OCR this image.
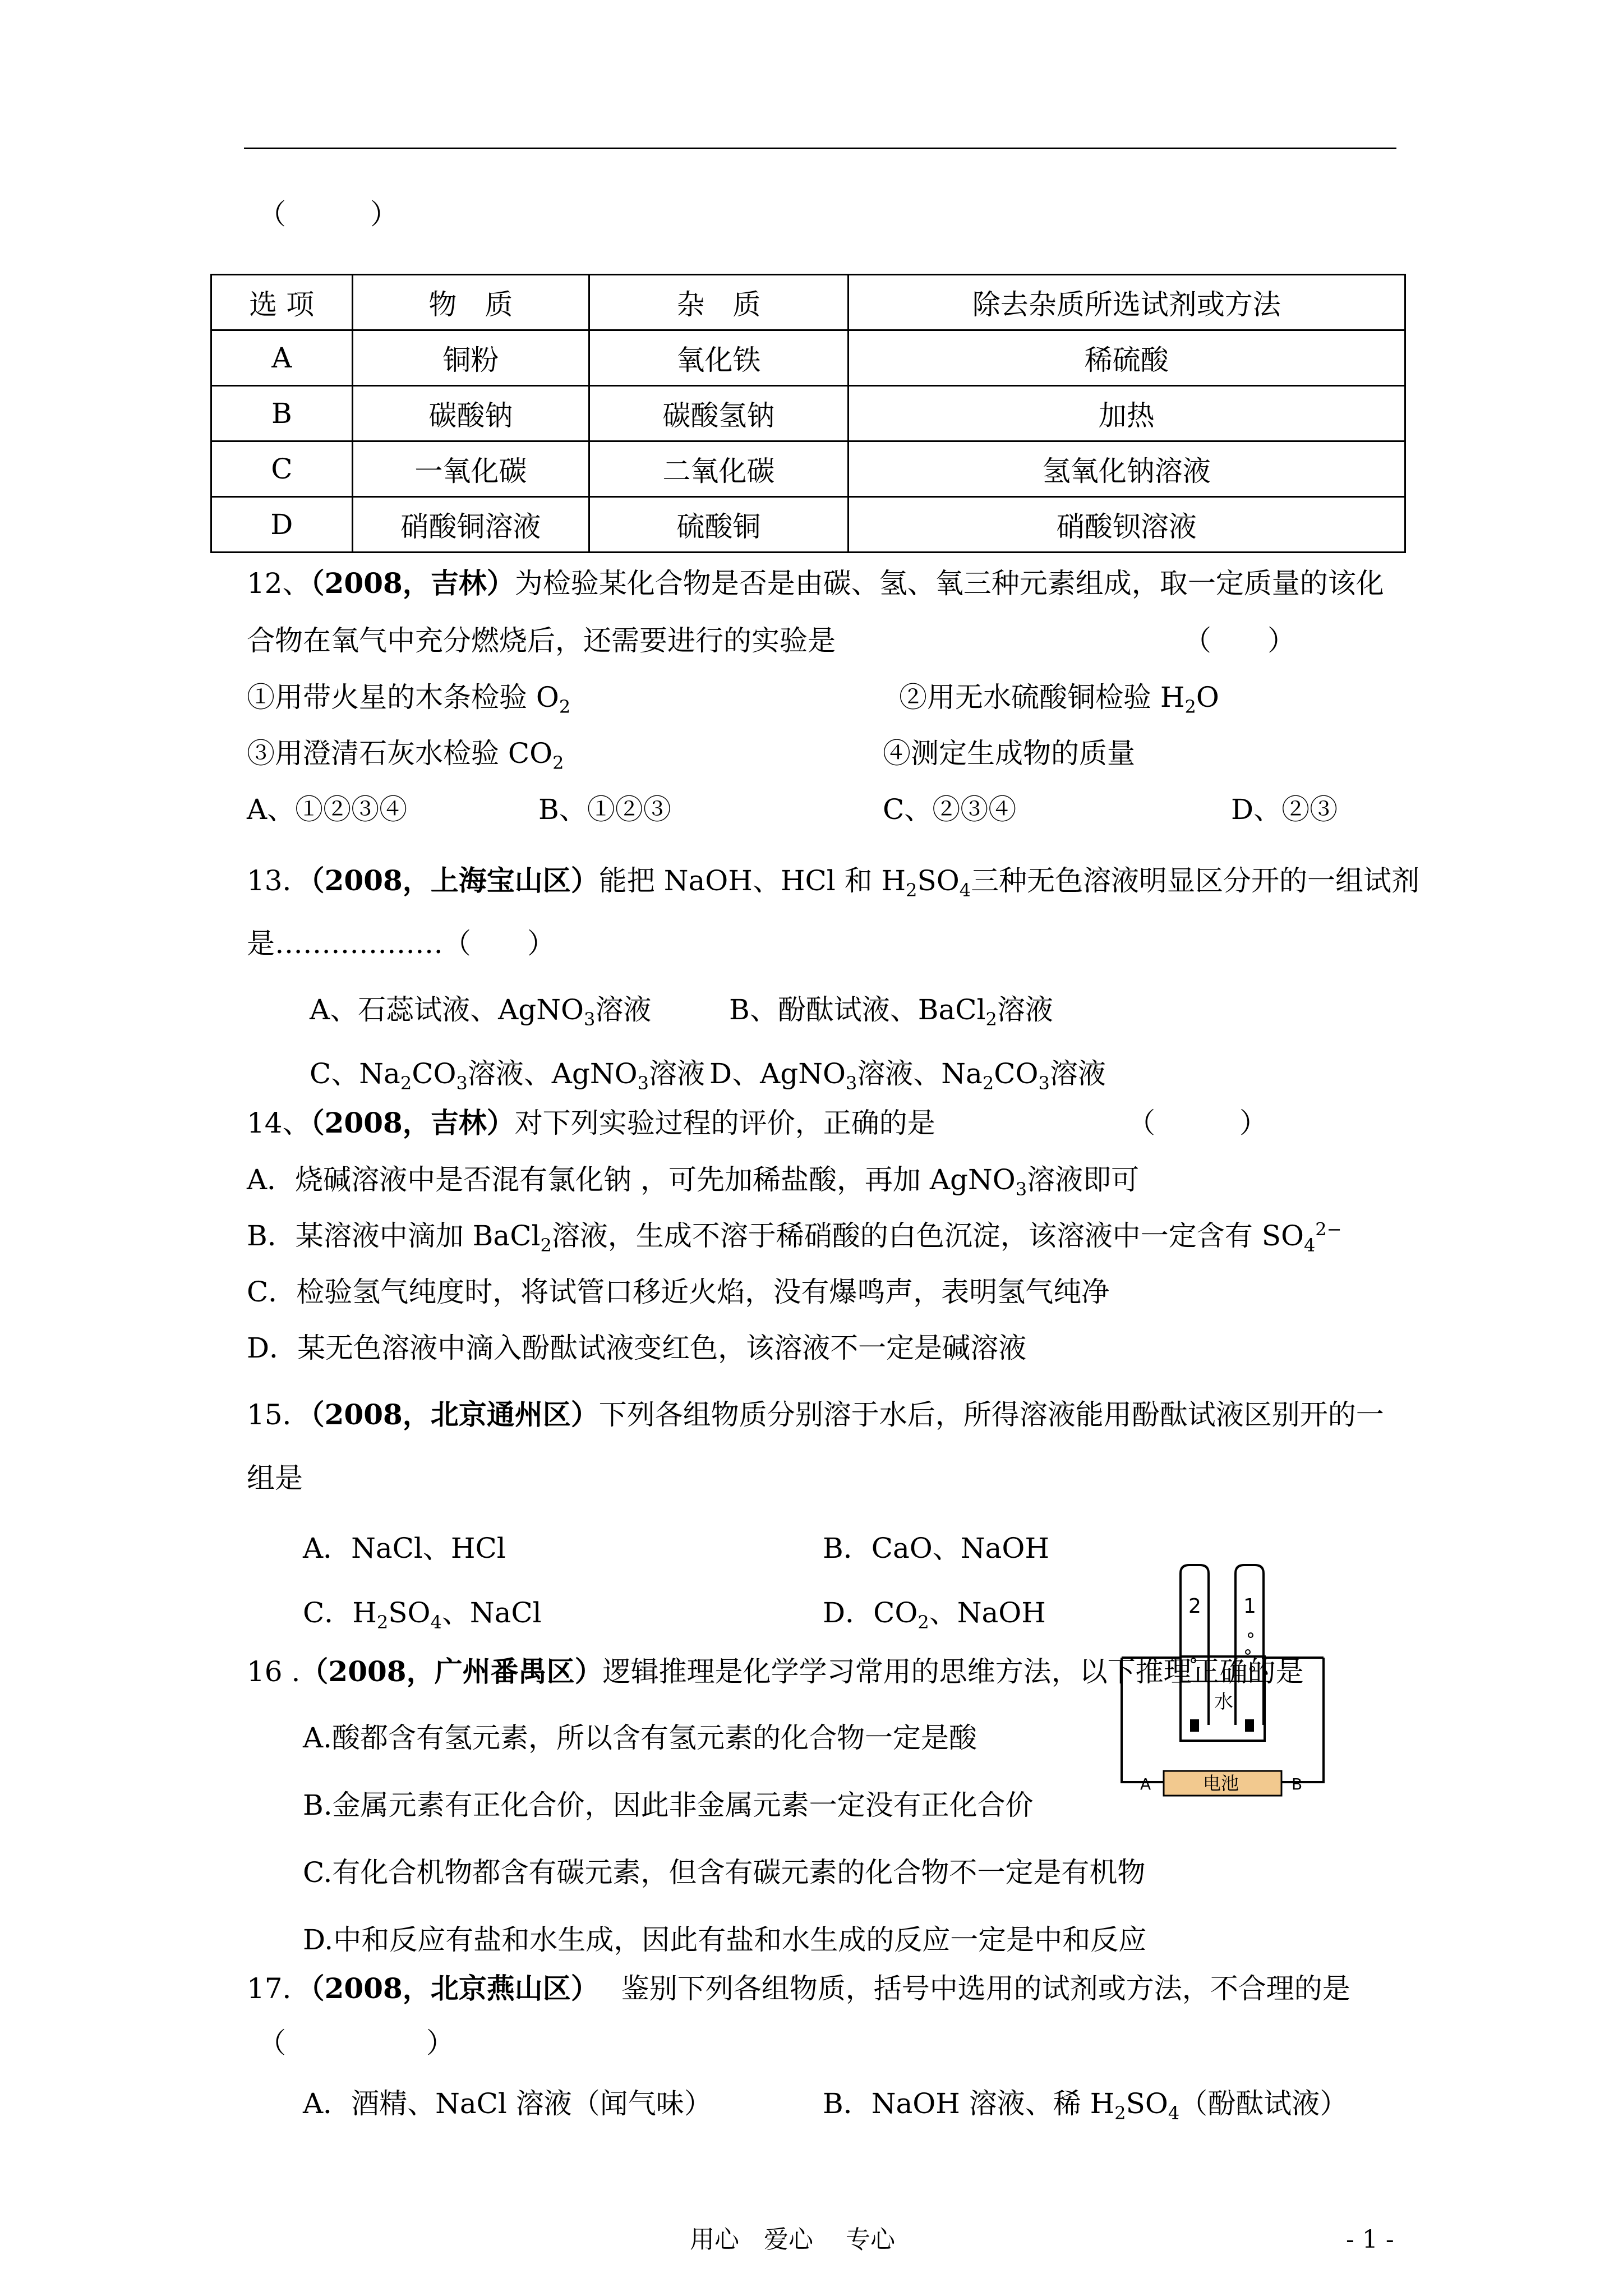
（　　　）
选 项	物　质	杂　质	除去杂质所选试剂或方法
A	铜粉	氧化铁	稀硫酸
B	碳酸钠	碳酸氢钠	加热
C	一氧化碳	二氧化碳	氢氧化钠溶液
D	硝酸铜溶液	硫酸铜	硝酸钡溶液
12、（2008，吉林）为检验某化合物是否是由碳、氢、氧三种元素组成，取一定质量的该化
合物在氧气中充分燃烧后，还需要进行的实验是	（　　）
①用带火星的木条检验 $O_2$	②用无水硫酸铜检验 $H_2O$
③用澄清石灰水检验 $CO_2$	④测定生成物的质量
A、①②③④	B、①②③	C、②③④	D、②③
13．（2008，上海宝山区）能把 NaOH、HCl 和 $H_2SO_4$三种无色溶液明显区分开的一组试剂
是………………（　　）
A、石蕊试液、AgNO$_3$溶液	B、酚酞试液、BaCl$_2$溶液
C、$Na_2CO_3$溶液、AgNO$_3$溶液 D、AgNO$_3$溶液、$Na_2CO_3$溶液
14、（2008，吉林）对下列实验过程的评价，正确的是	（　　　）
A．烧碱溶液中是否混有氯化钠 ，可先加稀盐酸，再加 AgNO$_3$溶液即可
B．某溶液中滴加 BaCl$_2$溶液，生成不溶于稀硝酸的白色沉淀，该溶液中一定含有 $SO_4^{2-}$
C．检验氢气纯度时，将试管口移近火焰，没有爆鸣声，表明氢气纯净
D．某无色溶液中滴入酚酞试液变红色，该溶液不一定是碱溶液
15．（2008，北京通州区）下列各组物质分别溶于水后，所得溶液能用酚酞试液区别开的一
组是
A．NaCl、HCl	B．CaO、NaOH
C．$H_2SO_4$、NaCl	D．$CO_2$、NaOH	2 1
水
电池
A	B
16 .（2008，广州番禺区）逻辑推理是化学学习常用的思维方法，以下推理正确的是
A.酸都含有氢元素，所以含有氢元素的化合物一定是酸
B.金属元素有正化合价，因此非金属元素一定没有正化合价
C.有化合机物都含有碳元素，但含有碳元素的化合物不一定是有机物
D.中和反应有盐和水生成，因此有盐和水生成的反应一定是中和反应
17．（2008，北京燕山区） 鉴别下列各组物质，括号中选用的试剂或方法，不合理的是
（　　　　　）
A．酒精、NaCl 溶液（闻气味）	B．NaOH 溶液、稀 $H_2SO_4$（酚酞试液）
用心　爱心　 专心	- 1 -
